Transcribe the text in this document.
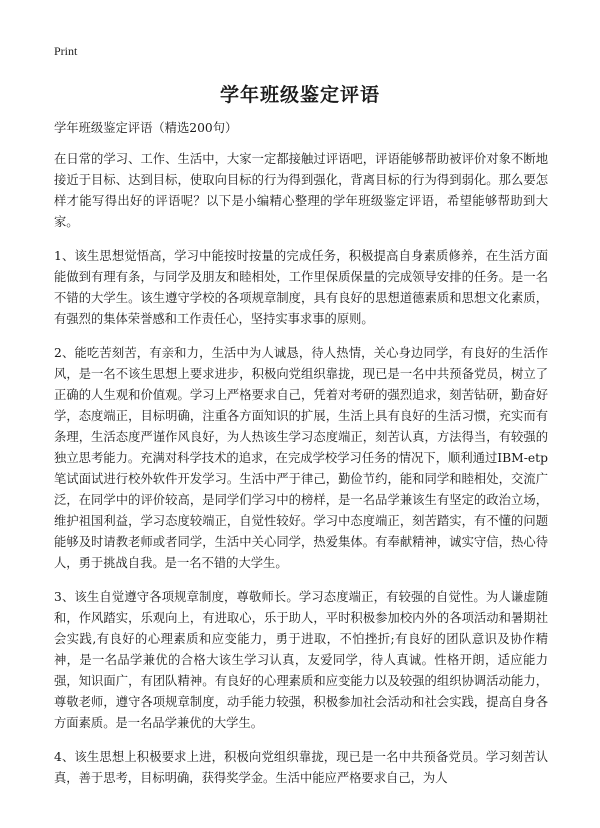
Print
学年班级鉴定评语

学年班级鉴定评语（精选200句）

在日常的学习、工作、生活中，大家一定都接触过评语吧，评语能够帮助被评价对象不断地接近于目标、达到目标，使取向目标的行为得到强化，背离目标的行为得到弱化。那么要怎样才能写得出好的评语呢？以下是小编精心整理的学年班级鉴定评语，希望能够帮助到大家。

1、该生思想觉悟高，学习中能按时按量的完成任务，积极提高自身素质修养，在生活方面能做到有理有条，与同学及朋友和睦相处，工作里保质保量的完成领导安排的任务。是一名不错的大学生。该生遵守学校的各项规章制度，具有良好的思想道德素质和思想文化素质，有强烈的集体荣誉感和工作责任心，坚持实事求事的原则。

2、能吃苦刻苦，有亲和力，生活中为人诚恳，待人热情，关心身边同学，有良好的生活作风，是一名不该生思想上要求进步，积极向党组织靠拢，现已是一名中共预备党员，树立了正确的人生观和价值观。学习上严格要求自己，凭着对考研的强烈追求，刻苦钻研，勤奋好学，态度端正，目标明确，注重各方面知识的扩展，生活上具有良好的生活习惯，充实而有条理，生活态度严谨作风良好，为人热该生学习态度端正，刻苦认真，方法得当，有较强的独立思考能力。充满对科学技术的追求，在完成学校学习任务的情况下，顺利通过IBM-etp笔试面试进行校外软件开发学习。生活中严于律己，勤俭节约，能和同学和睦相处，交流广泛，在同学中的评价较高，是同学们学习中的榜样，是一名品学兼该生有坚定的政治立场，维护祖国利益，学习态度较端正，自觉性较好。学习中态度端正，刻苦踏实，有不懂的问题能够及时请教老师或者同学，生活中关心同学，热爱集体。有奉献精神，诚实守信，热心待人，勇于挑战自我。是一名不错的大学生。

3、该生自觉遵守各项规章制度，尊敬师长。学习态度端正，有较强的自觉性。为人谦虚随和，作风踏实，乐观向上，有进取心，乐于助人，平时积极参加校内外的各项活动和暑期社会实践,有良好的心理素质和应变能力，勇于进取，不怕挫折;有良好的团队意识及协作精神，是一名品学兼优的合格大该生学习认真，友爱同学，待人真诚。性格开朗，适应能力强，知识面广，有团队精神。有良好的心理素质和应变能力以及较强的组织协调活动能力，尊敬老师，遵守各项规章制度，动手能力较强，积极参加社会活动和社会实践，提高自身各方面素质。是一名品学兼优的大学生。

4、该生思想上积极要求上进，积极向党组织靠拢，现已是一名中共预备党员。学习刻苦认真，善于思考，目标明确，获得奖学金。生活中能应严格要求自己，为人
